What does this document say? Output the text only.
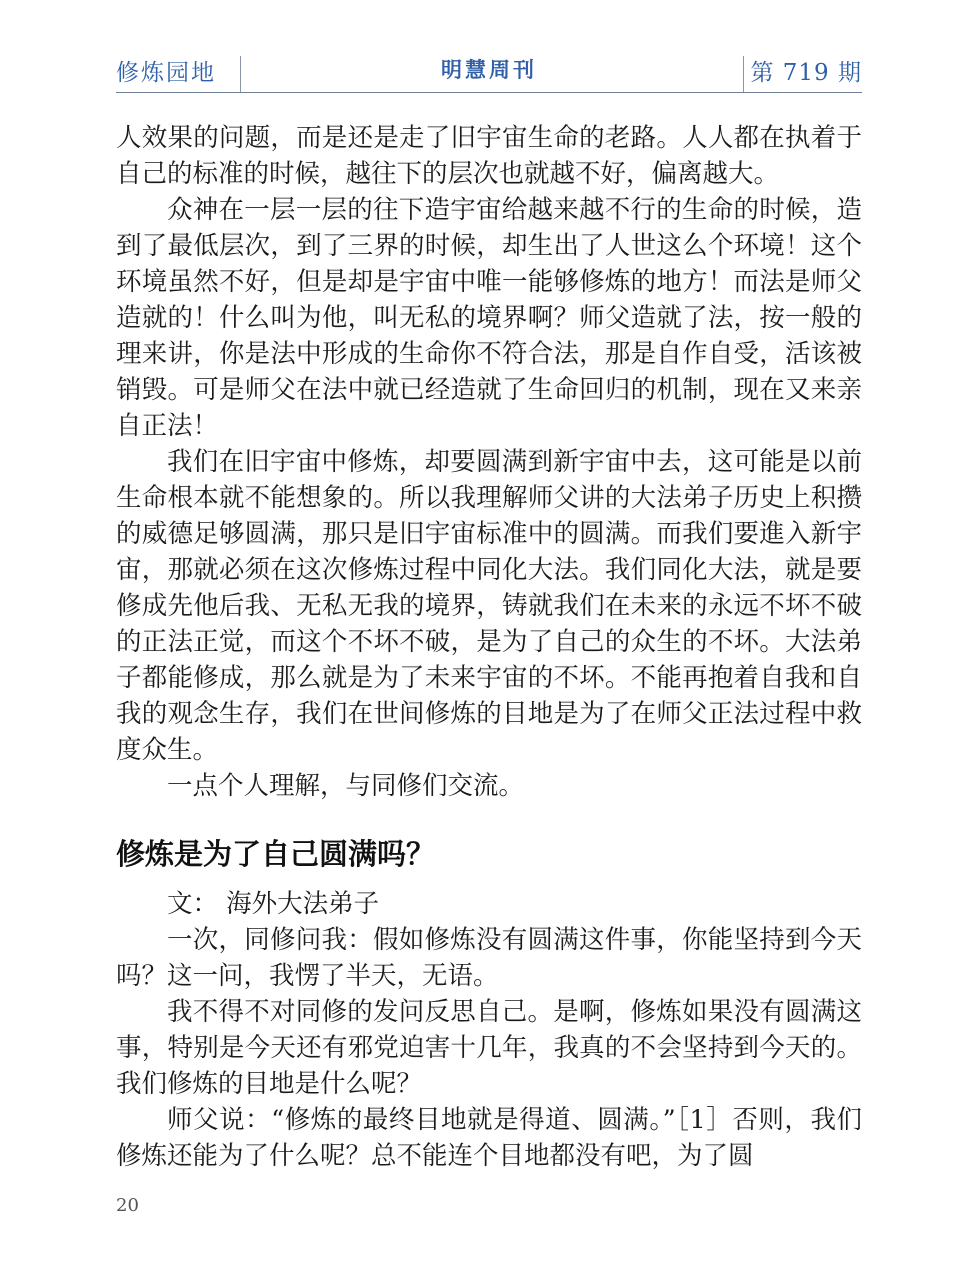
修炼园地	明慧周刊	第 719 期

人效果的问题，而是还是走了旧宇宙生命的老路。人人都在执着于自己的标准的时候，越往下的层次也就越不好，偏离越大。

众神在一层一层的往下造宇宙给越来越不行的生命的时候，造到了最低层次，到了三界的时候，却生出了人世这么个环境！这个环境虽然不好，但是却是宇宙中唯一能够修炼的地方！而法是师父造就的！什么叫为他，叫无私的境界啊？师父造就了法，按一般的理来讲，你是法中形成的生命你不符合法，那是自作自受，活该被销毁。可是师父在法中就已经造就了生命回归的机制，现在又来亲自正法！

我们在旧宇宙中修炼，却要圆满到新宇宙中去，这可能是以前生命根本就不能想象的。所以我理解师父讲的大法弟子历史上积攒的威德足够圆满，那只是旧宇宙标准中的圆满。而我们要進入新宇宙，那就必须在这次修炼过程中同化大法。我们同化大法，就是要修成先他后我、无私无我的境界，铸就我们在未来的永远不坏不破的正法正觉，而这个不坏不破，是为了自己的众生的不坏。大法弟子都能修成，那么就是为了未来宇宙的不坏。不能再抱着自我和自我的观念生存，我们在世间修炼的目地是为了在师父正法过程中救度众生。

一点个人理解，与同修们交流。

修炼是为了自己圆满吗？

文： 海外大法弟子

一次，同修问我：假如修炼没有圆满这件事，你能坚持到今天吗？这一问，我愣了半天，无语。

我不得不对同修的发问反思自己。是啊，修炼如果没有圆满这事，特别是今天还有邪党迫害十几年，我真的不会坚持到今天的。我们修炼的目地是什么呢？

师父说：“修炼的最终目地就是得道、圆满。”［1］否则，我们修炼还能为了什么呢？总不能连个目地都没有吧，为了圆

20
